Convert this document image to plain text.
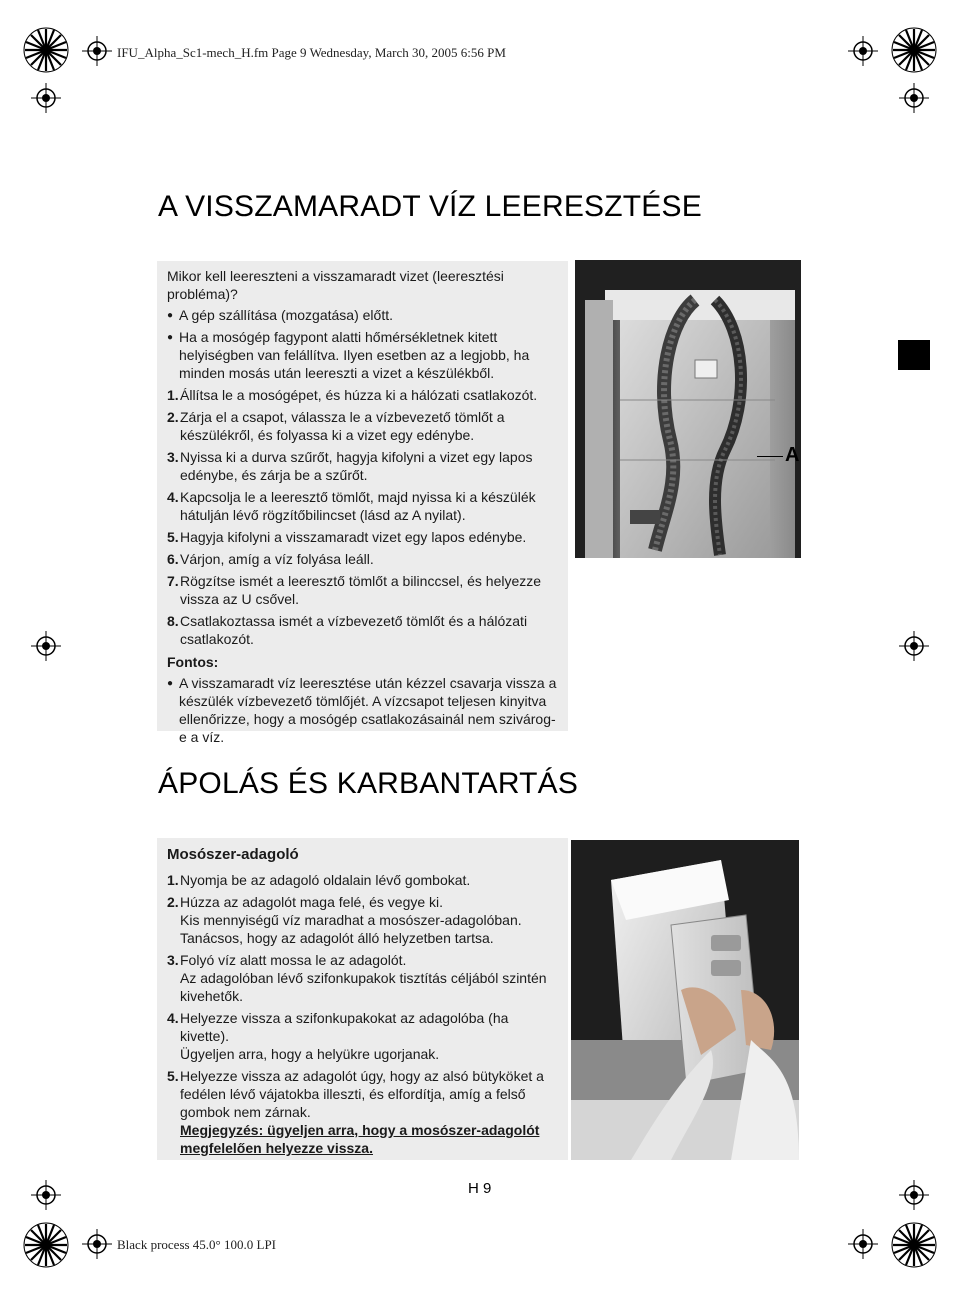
IFU_Alpha_Sc1-mech_H.fm Page 9 Wednesday, March 30, 2005 6:56 PM
Black process 45.0° 100.0 LPI
A VISSZAMARADT VÍZ LEERESZTÉSE
Mikor kell leereszteni a visszamaradt vizet (leeresztési probléma)?
● A gép szállítása (mozgatása) előtt.
● Ha a mosógép fagypont alatti hőmérsékletnek kitett helyiségben van felállítva. Ilyen esetben az a legjobb, ha minden mosás után leereszti a vizet a készülékből.
1. Állítsa le a mosógépet, és húzza ki a hálózati csatlakozót.
2. Zárja el a csapot, válassza le a vízbevezető tömlőt a készülékről, és folyassa ki a vizet egy edénybe.
3. Nyissa ki a durva szűrőt, hagyja kifolyni a vizet egy lapos edénybe, és zárja be a szűrőt.
4. Kapcsolja le a leeresztő tömlőt, majd nyissa ki a készülék hátulján lévő rögzítőbilincset (lásd az A nyilat).
5. Hagyja kifolyni a visszamaradt vizet egy lapos edénybe.
6. Várjon, amíg a víz folyása leáll.
7. Rögzítse ismét a leeresztő tömlőt a bilinccsel, és helyezze vissza az U csővel.
8. Csatlakoztassa ismét a vízbevezető tömlőt és a hálózati csatlakozót.
Fontos:
● A visszamaradt víz leeresztése után kézzel csavarja vissza a készülék vízbevezető tömlőjét. A vízcsapot teljesen kinyitva ellenőrizze, hogy a mosógép csatlakozásainál nem szivárog-e a víz.
A
ÁPOLÁS ÉS KARBANTARTÁS
Mosószer-adagoló
1. Nyomja be az adagoló oldalain lévő gombokat.
2. Húzza az adagolót maga felé, és vegye ki.
Kis mennyiségű víz maradhat a mosószer-adagolóban.
Tanácsos, hogy az adagolót álló helyzetben tartsa.
3. Folyó víz alatt mossa le az adagolót.
Az adagolóban lévő szifonkupakok tisztítás céljából szintén kivehetők.
4. Helyezze vissza a szifonkupakokat az adagolóba (ha kivette).
Ügyeljen arra, hogy a helyükre ugorjanak.
5. Helyezze vissza az adagolót úgy, hogy az alsó bütyköket a fedélen lévő vájatokba illeszti, és elfordítja, amíg a felső gombok nem zárnak.
Megjegyzés: ügyeljen arra, hogy a mosószer-adagolót megfelelően helyezze vissza.
H 9
